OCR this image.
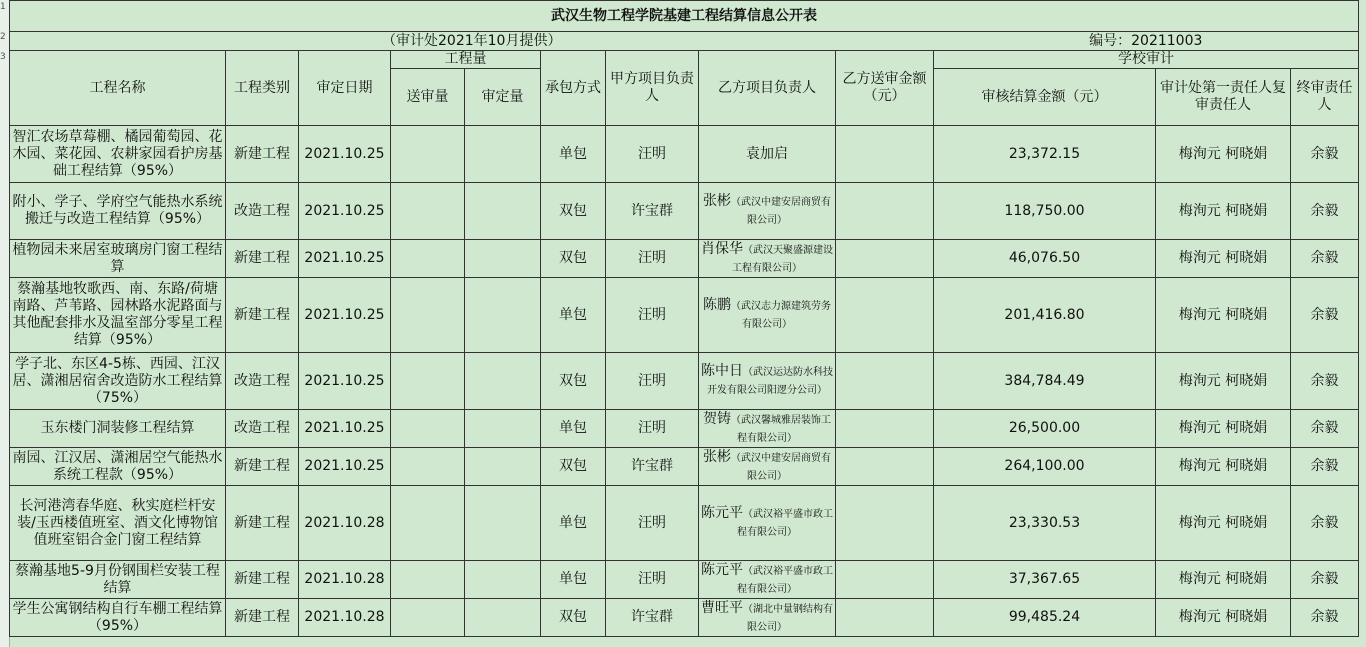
1
2
3
武汉生物工程学院基建工程结算信息公开表											
（审计处2021年10月提供）									编号：20211003		
工程名称	工程类别	审定日期	工程量		承包方式	甲方项目负责人	乙方项目负责人	乙方送审金额（元）	学校审计		
			送审量	审定量					审核结算金额（元）	审计处第一责任人复审责任人	终审责任人
智汇农场草莓棚、橘园葡萄园、花木园、菜花园、农耕家园看护房基础工程结算（95%）	新建工程	2021.10.25			单包	汪明	袁加启		23,372.15	梅洵元 柯晓娟	余毅
附小、学子、学府空气能热水系统搬迁与改造工程结算（95%）	改造工程	2021.10.25			双包	许宝群	张彬（武汉中建安居商贸有限公司）		118,750.00	梅洵元 柯晓娟	余毅
植物园未来居室玻璃房门窗工程结算	新建工程	2021.10.25			双包	汪明	肖保华（武汉天聚盛源建设工程有限公司）		46,076.50	梅洵元 柯晓娟	余毅
蔡瀚基地牧歌西、南、东路/荷塘南路、芦苇路、园林路水泥路面与其他配套排水及温室部分零星工程结算（95%）	新建工程	2021.10.25			单包	汪明	陈鹏（武汉志力源建筑劳务有限公司）		201,416.80	梅洵元 柯晓娟	余毅
学子北、东区4-5栋、西园、江汉居、潇湘居宿舍改造防水工程结算（75%）	改造工程	2021.10.25			双包	汪明	陈中日（武汉运达防水科技开发有限公司阳逻分公司）		384,784.49	梅洵元 柯晓娟	余毅
玉东楼门洞装修工程结算	改造工程	2021.10.25			单包	汪明	贺铸（武汉馨城雅居装饰工程有限公司）		26,500.00	梅洵元 柯晓娟	余毅
南园、江汉居、潇湘居空气能热水系统工程款（95%）	新建工程	2021.10.25			双包	许宝群	张彬（武汉中建安居商贸有限公司）		264,100.00	梅洵元 柯晓娟	余毅
长河港湾春华庭、秋实庭栏杆安装/玉西楼值班室、酒文化博物馆值班室铝合金门窗工程结算	新建工程	2021.10.28			单包	汪明	陈元平（武汉裕平盛市政工程有限公司）		23,330.53	梅洵元 柯晓娟	余毅
蔡瀚基地5-9月份钢围栏安装工程结算	新建工程	2021.10.28			单包	汪明	陈元平（武汉裕平盛市政工程有限公司）		37,367.65	梅洵元 柯晓娟	余毅
学生公寓钢结构自行车棚工程结算（95%）	新建工程	2021.10.28			双包	许宝群	曹旺平（湖北中量钢结构有限公司）		99,485.24	梅洵元 柯晓娟	余毅
